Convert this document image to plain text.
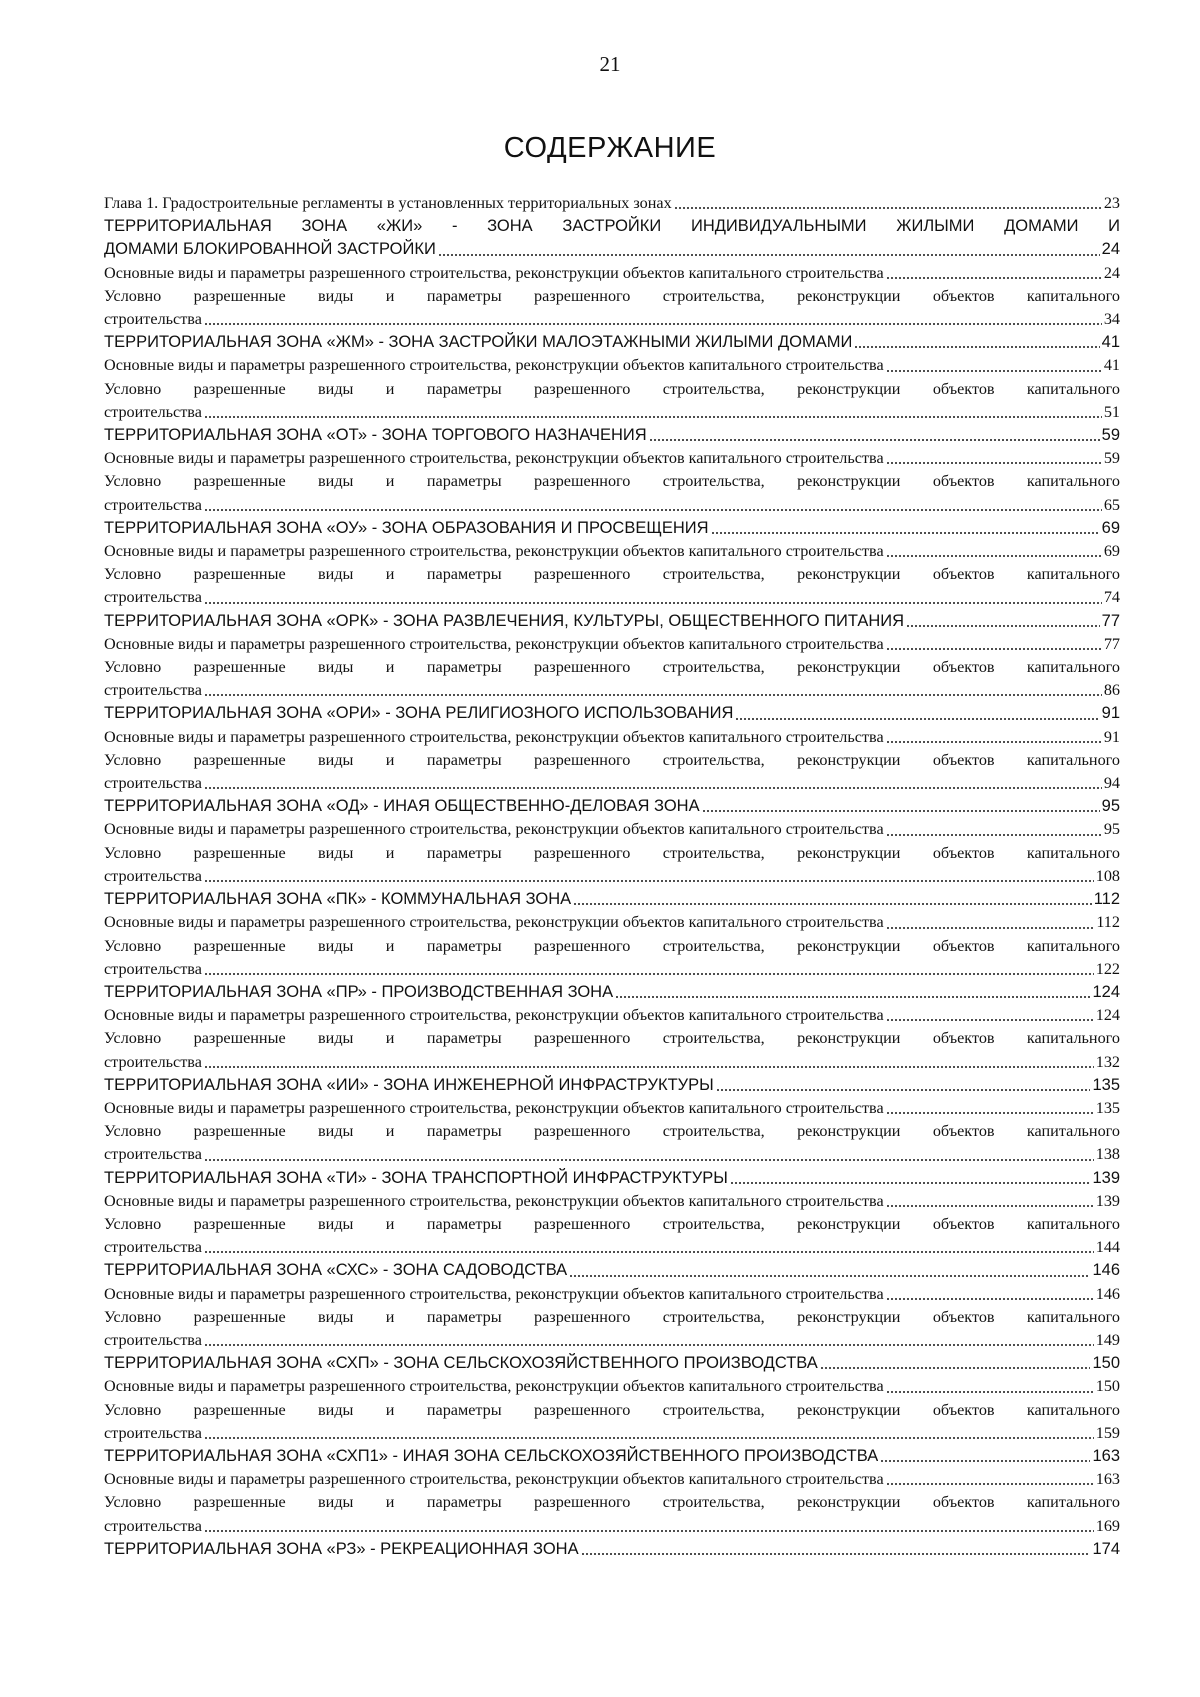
21
СОДЕРЖАНИЕ
Глава 1. Градостроительные регламенты в установленных территориальных зонах	23
ТЕРРИТОРИАЛЬНАЯ ЗОНА «ЖИ» - ЗОНА ЗАСТРОЙКИ ИНДИВИДУАЛЬНЫМИ ЖИЛЫМИ ДОМАМИ И
ДОМАМИ БЛОКИРОВАННОЙ ЗАСТРОЙКИ	24
Основные виды и параметры разрешенного строительства, реконструкции объектов капитального строительства	24
Условно разрешенные виды и параметры разрешенного строительства, реконструкции объектов капитального
строительства	34
ТЕРРИТОРИАЛЬНАЯ ЗОНА «ЖМ» - ЗОНА ЗАСТРОЙКИ МАЛОЭТАЖНЫМИ ЖИЛЫМИ ДОМАМИ	41
Основные виды и параметры разрешенного строительства, реконструкции объектов капитального строительства	41
Условно разрешенные виды и параметры разрешенного строительства, реконструкции объектов капитального
строительства	51
ТЕРРИТОРИАЛЬНАЯ ЗОНА «ОТ» - ЗОНА ТОРГОВОГО НАЗНАЧЕНИЯ	59
Основные виды и параметры разрешенного строительства, реконструкции объектов капитального строительства	59
Условно разрешенные виды и параметры разрешенного строительства, реконструкции объектов капитального
строительства	65
ТЕРРИТОРИАЛЬНАЯ ЗОНА «ОУ» - ЗОНА ОБРАЗОВАНИЯ И ПРОСВЕЩЕНИЯ	69
Основные виды и параметры разрешенного строительства, реконструкции объектов капитального строительства	69
Условно разрешенные виды и параметры разрешенного строительства, реконструкции объектов капитального
строительства	74
ТЕРРИТОРИАЛЬНАЯ ЗОНА «ОРК» - ЗОНА РАЗВЛЕЧЕНИЯ, КУЛЬТУРЫ, ОБЩЕСТВЕННОГО ПИТАНИЯ	77
Основные виды и параметры разрешенного строительства, реконструкции объектов капитального строительства	77
Условно разрешенные виды и параметры разрешенного строительства, реконструкции объектов капитального
строительства	86
ТЕРРИТОРИАЛЬНАЯ ЗОНА «ОРИ» - ЗОНА РЕЛИГИОЗНОГО ИСПОЛЬЗОВАНИЯ	91
Основные виды и параметры разрешенного строительства, реконструкции объектов капитального строительства	91
Условно разрешенные виды и параметры разрешенного строительства, реконструкции объектов капитального
строительства	94
ТЕРРИТОРИАЛЬНАЯ ЗОНА «ОД» - ИНАЯ ОБЩЕСТВЕННО-ДЕЛОВАЯ ЗОНА	95
Основные виды и параметры разрешенного строительства, реконструкции объектов капитального строительства	95
Условно разрешенные виды и параметры разрешенного строительства, реконструкции объектов капитального
строительства	108
ТЕРРИТОРИАЛЬНАЯ ЗОНА «ПК» - КОММУНАЛЬНАЯ ЗОНА	112
Основные виды и параметры разрешенного строительства, реконструкции объектов капитального строительства	112
Условно разрешенные виды и параметры разрешенного строительства, реконструкции объектов капитального
строительства	122
ТЕРРИТОРИАЛЬНАЯ ЗОНА «ПР» - ПРОИЗВОДСТВЕННАЯ ЗОНА	124
Основные виды и параметры разрешенного строительства, реконструкции объектов капитального строительства	124
Условно разрешенные виды и параметры разрешенного строительства, реконструкции объектов капитального
строительства	132
ТЕРРИТОРИАЛЬНАЯ ЗОНА «ИИ» - ЗОНА ИНЖЕНЕРНОЙ ИНФРАСТРУКТУРЫ	135
Основные виды и параметры разрешенного строительства, реконструкции объектов капитального строительства	135
Условно разрешенные виды и параметры разрешенного строительства, реконструкции объектов капитального
строительства	138
ТЕРРИТОРИАЛЬНАЯ ЗОНА «ТИ» - ЗОНА ТРАНСПОРТНОЙ ИНФРАСТРУКТУРЫ	139
Основные виды и параметры разрешенного строительства, реконструкции объектов капитального строительства	139
Условно разрешенные виды и параметры разрешенного строительства, реконструкции объектов капитального
строительства	144
ТЕРРИТОРИАЛЬНАЯ ЗОНА «СХС» - ЗОНА САДОВОДСТВА	146
Основные виды и параметры разрешенного строительства, реконструкции объектов капитального строительства	146
Условно разрешенные виды и параметры разрешенного строительства, реконструкции объектов капитального
строительства	149
ТЕРРИТОРИАЛЬНАЯ ЗОНА «СХП» - ЗОНА СЕЛЬСКОХОЗЯЙСТВЕННОГО ПРОИЗВОДСТВА	150
Основные виды и параметры разрешенного строительства, реконструкции объектов капитального строительства	150
Условно разрешенные виды и параметры разрешенного строительства, реконструкции объектов капитального
строительства	159
ТЕРРИТОРИАЛЬНАЯ ЗОНА «СХП1» - ИНАЯ ЗОНА СЕЛЬСКОХОЗЯЙСТВЕННОГО ПРОИЗВОДСТВА	163
Основные виды и параметры разрешенного строительства, реконструкции объектов капитального строительства	163
Условно разрешенные виды и параметры разрешенного строительства, реконструкции объектов капитального
строительства	169
ТЕРРИТОРИАЛЬНАЯ ЗОНА «РЗ» - РЕКРЕАЦИОННАЯ ЗОНА	174
